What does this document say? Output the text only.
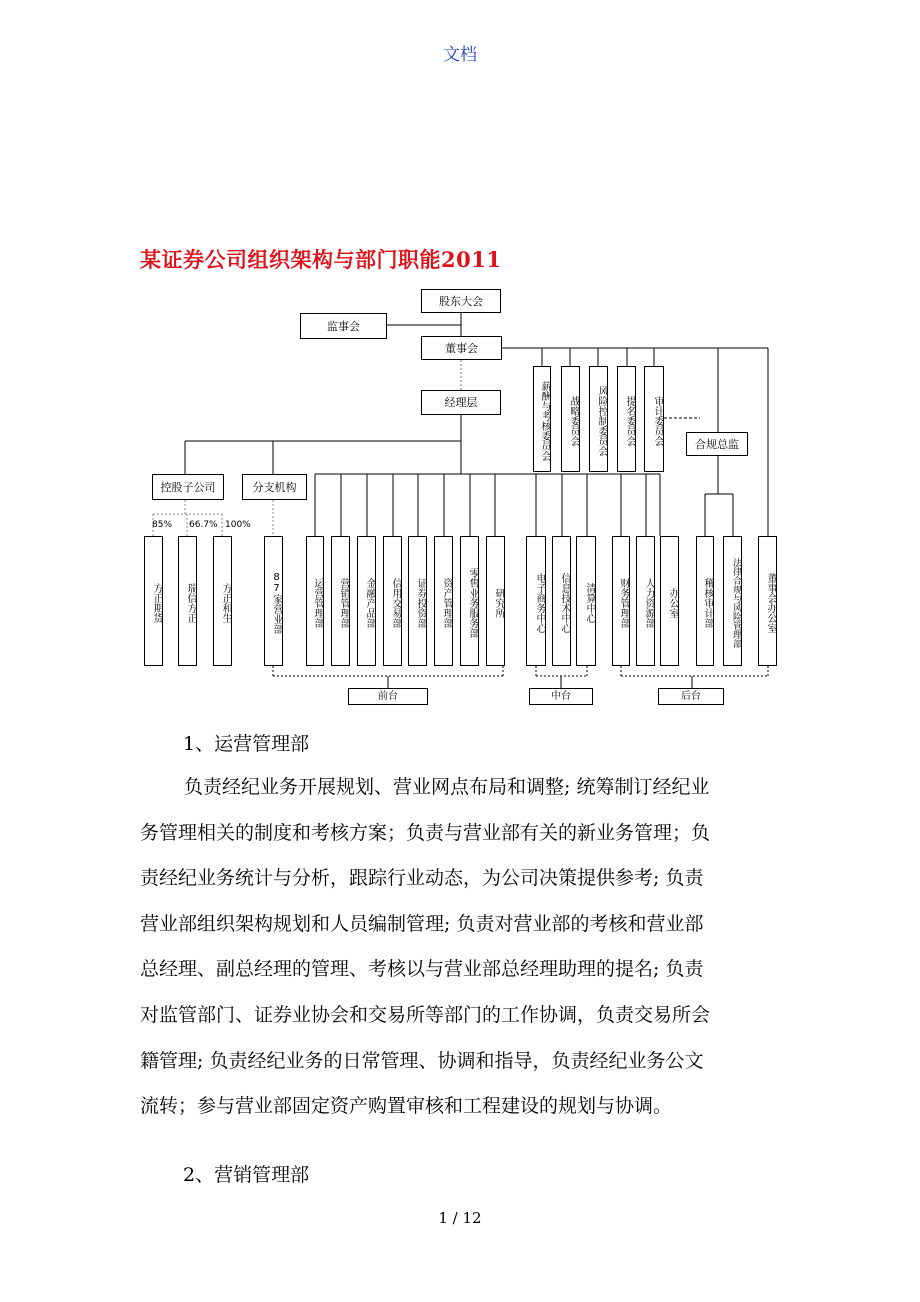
文档
某证券公司组织架构与部门职能2011
股东大会
监事会
董事会
经理层
合规总监
控股子公司	分支机构
薪酬与考核委员会	战略委员会	风险控制委员会	提名委员会	审计委员会
85% 66.7% 100%
方正期货	瑞信方正	方正和生	87家营业部	运营管理部	营销管理部	金融产品部	信用交易部	证券投资部	资产管理部	零售业务服务部	研究所	电子商务中心	信息技术中心	清算中心	财务管理部	人力资源部	办公室	稽核审计部	法律合规与风险管理部	董事会办公室
前台	中台	后台
1、运营管理部
负责经纪业务开展规划、营业网点布局和调整; 统筹制订经纪业
务管理相关的制度和考核方案；负责与营业部有关的新业务管理；负
责经纪业务统计与分析，跟踪行业动态，为公司决策提供参考; 负责
营业部组织架构规划和人员编制管理; 负责对营业部的考核和营业部
总经理、副总经理的管理、考核以与营业部总经理助理的提名; 负责
对监管部门、证券业协会和交易所等部门的工作协调，负责交易所会
籍管理; 负责经纪业务的日常管理、协调和指导，负责经纪业务公文
流转；参与营业部固定资产购置审核和工程建设的规划与协调。
2、营销管理部
1 / 12
